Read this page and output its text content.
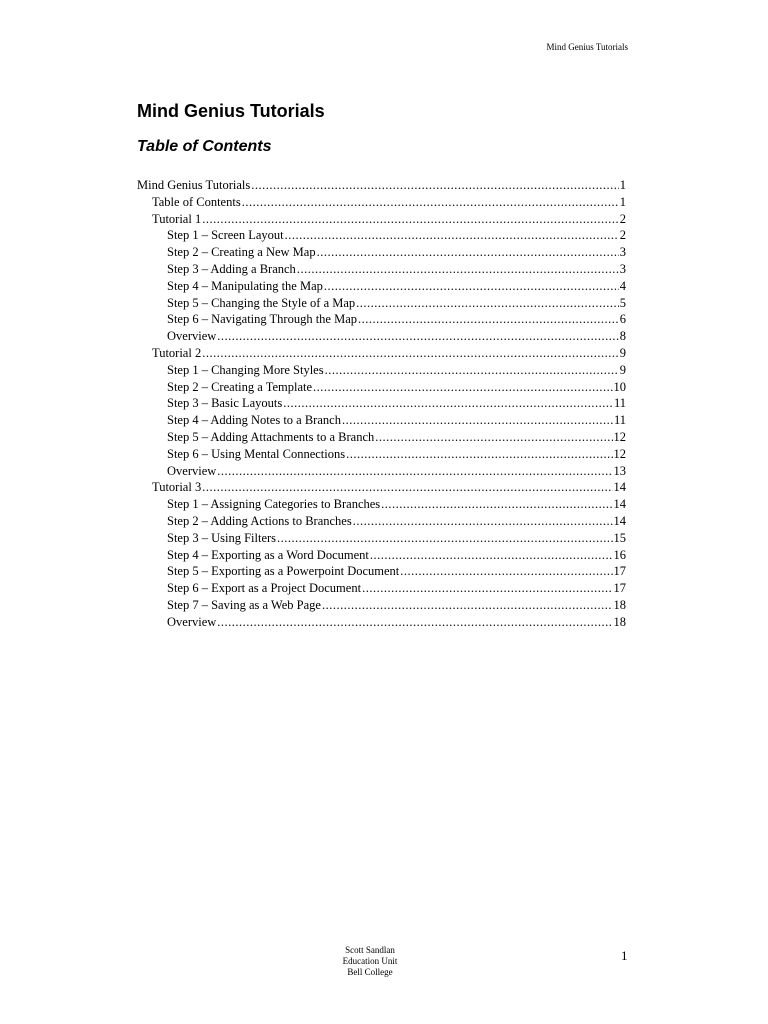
Mind Genius Tutorials
Mind Genius Tutorials
Table of Contents
Mind Genius Tutorials .....	1
Table of Contents .....	1
Tutorial 1 .....	2
Step 1 – Screen Layout .....	2
Step 2 – Creating a New Map .....	3
Step 3 – Adding a Branch .....	3
Step 4 – Manipulating the Map .....	4
Step 5 – Changing the Style of a Map .....	5
Step 6 – Navigating Through the Map .....	6
Overview .....	8
Tutorial 2 .....	9
Step 1 – Changing More Styles .....	9
Step 2 – Creating a Template .....	10
Step 3 – Basic Layouts .....	11
Step 4 – Adding Notes to a Branch .....	11
Step 5 – Adding Attachments to a Branch .....	12
Step 6 – Using Mental Connections .....	12
Overview .....	13
Tutorial 3 .....	14
Step 1 – Assigning Categories to Branches .....	14
Step 2 – Adding Actions to Branches .....	14
Step 3 – Using Filters .....	15
Step 4 – Exporting as a Word Document .....	16
Step 5 – Exporting as a Powerpoint Document .....	17
Step 6 – Export as a Project Document .....	17
Step 7 – Saving as a Web Page .....	18
Overview .....	18
Scott Sandlan
Education Unit
Bell College
1
